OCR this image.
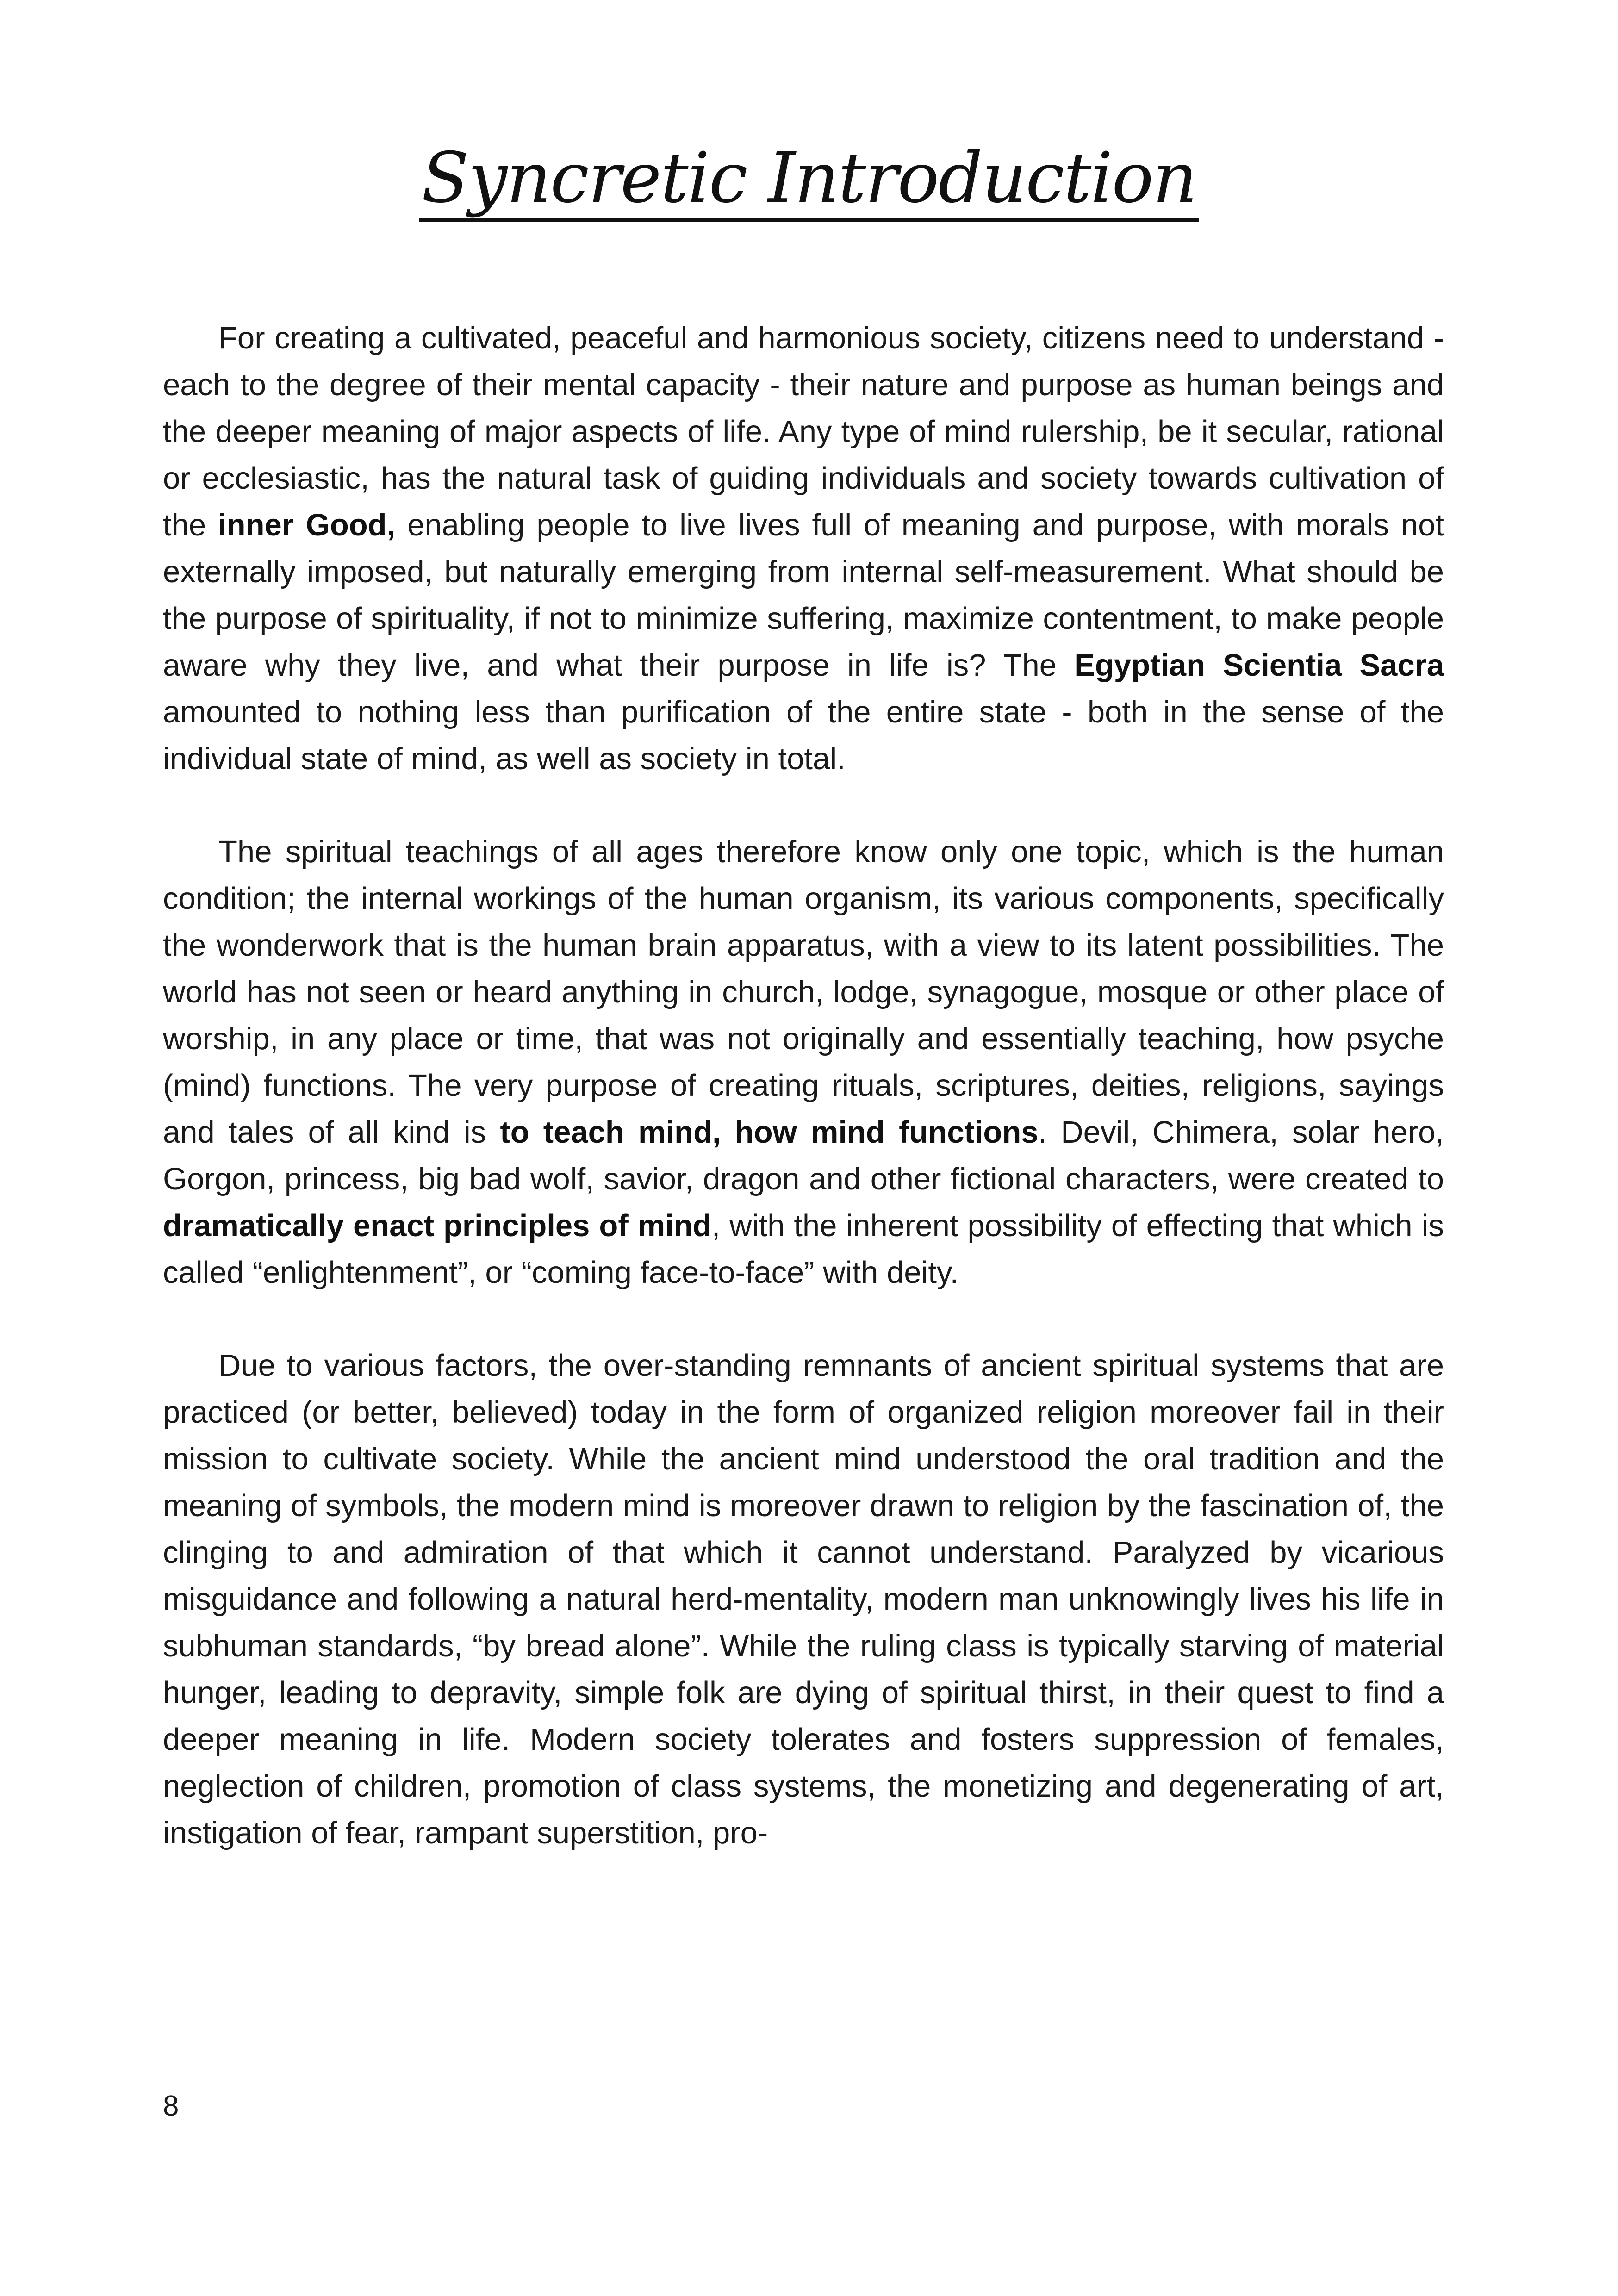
Syncretic Introduction

For creating a cultivated, peaceful and harmonious society, citizens need to understand - each to the degree of their mental capacity - their nature and purpose as human beings and the deeper meaning of major aspects of life. Any type of mind rulership, be it secular, rational or ecclesiastic, has the natural task of guiding individuals and society towards cultivation of the inner Good, enabling people to live lives full of meaning and purpose, with morals not externally imposed, but naturally emerging from internal self-measurement. What should be the purpose of spirituality, if not to minimize suffering, maximize contentment, to make people aware why they live, and what their purpose in life is? The Egyptian Scientia Sacra amounted to nothing less than purification of the entire state - both in the sense of the individual state of mind, as well as society in total.

The spiritual teachings of all ages therefore know only one topic, which is the human condition; the internal workings of the human organism, its various components, specifically the wonderwork that is the human brain apparatus, with a view to its latent possibilities. The world has not seen or heard anything in church, lodge, synagogue, mosque or other place of worship, in any place or time, that was not originally and essentially teaching, how psyche (mind) functions. The very purpose of creating rituals, scriptures, deities, religions, sayings and tales of all kind is to teach mind, how mind functions. Devil, Chimera, solar hero, Gorgon, princess, big bad wolf, savior, dragon and other fictional characters, were created to dramatically enact principles of mind, with the inherent possibility of effecting that which is called “enlightenment”, or “coming face-to-face” with deity.

Due to various factors, the over-standing remnants of ancient spiritual systems that are practiced (or better, believed) today in the form of organized religion moreover fail in their mission to cultivate society. While the ancient mind understood the oral tradition and the meaning of symbols, the modern mind is moreover drawn to religion by the fascination of, the clinging to and admiration of that which it cannot understand. Paralyzed by vicarious misguidance and following a natural herd-mentality, modern man unknowingly lives his life in subhuman standards, “by bread alone”. While the ruling class is typically starving of material hunger, leading to depravity, simple folk are dying of spiritual thirst, in their quest to find a deeper meaning in life. Modern society tolerates and fosters suppression of females, neglection of children, promotion of class systems, the monetizing and degenerating of art, instigation of fear, rampant superstition, pro-

8
